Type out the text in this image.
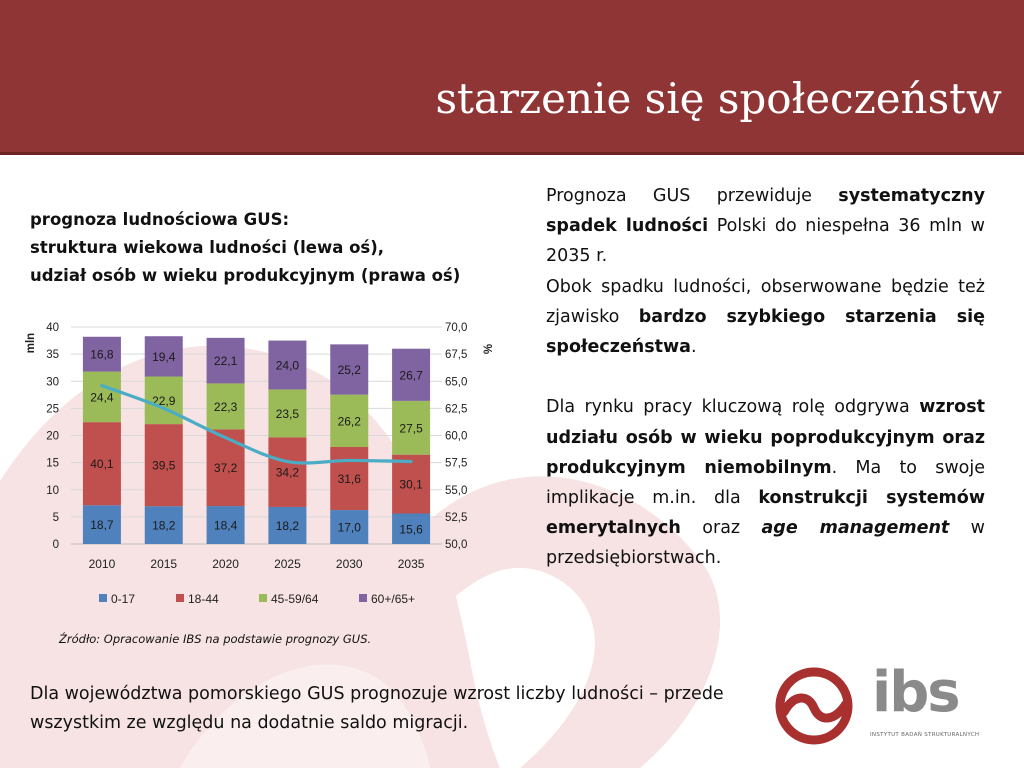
starzenie się społeczeństw
prognoza ludnościowa GUS:
struktura wiekowa ludności (lewa oś),
udział osób w wieku produkcyjnym (prawa oś)
0
5
10
15
20
25
30
35
40
50,0
52,5
55,0
57,5
60,0
62,5
65,0
67,5
70,0
mln	%
18,7
40,1
24,4
16,8
2010
18,2
39,5
22,9
19,4
2015
18,4
37,2
22,3
22,1
2020
18,2
34,2
23,5
24,0
2025
17,0
31,6
26,2
25,2
2030
15,6
30,1
27,5
26,7
2035
0-17	18-44	45-59/64	60+/65+
Źródło: Opracowanie IBS na podstawie prognozy GUS.

Prognoza GUS przewiduje systematyczny spadek ludności Polski do niespełna 36 mln w 2035 r.

Obok spadku ludności, obserwowane będzie też zjawisko bardzo szybkiego starzenia się społeczeństwa.

Dla rynku pracy kluczową rolę odgrywa wzrost udziału osób w wieku poprodukcyjnym oraz produkcyjnym niemobilnym. Ma to swoje implikacje m.in. dla konstrukcji systemów emerytalnych oraz age management w przedsiębiorstwach.

Dla województwa pomorskiego GUS prognozuje wzrost liczby ludności – przede wszystkim ze względu na dodatnie saldo migracji.	ibs
INSTYTUT BADAŃ STRUKTURALNYCH
